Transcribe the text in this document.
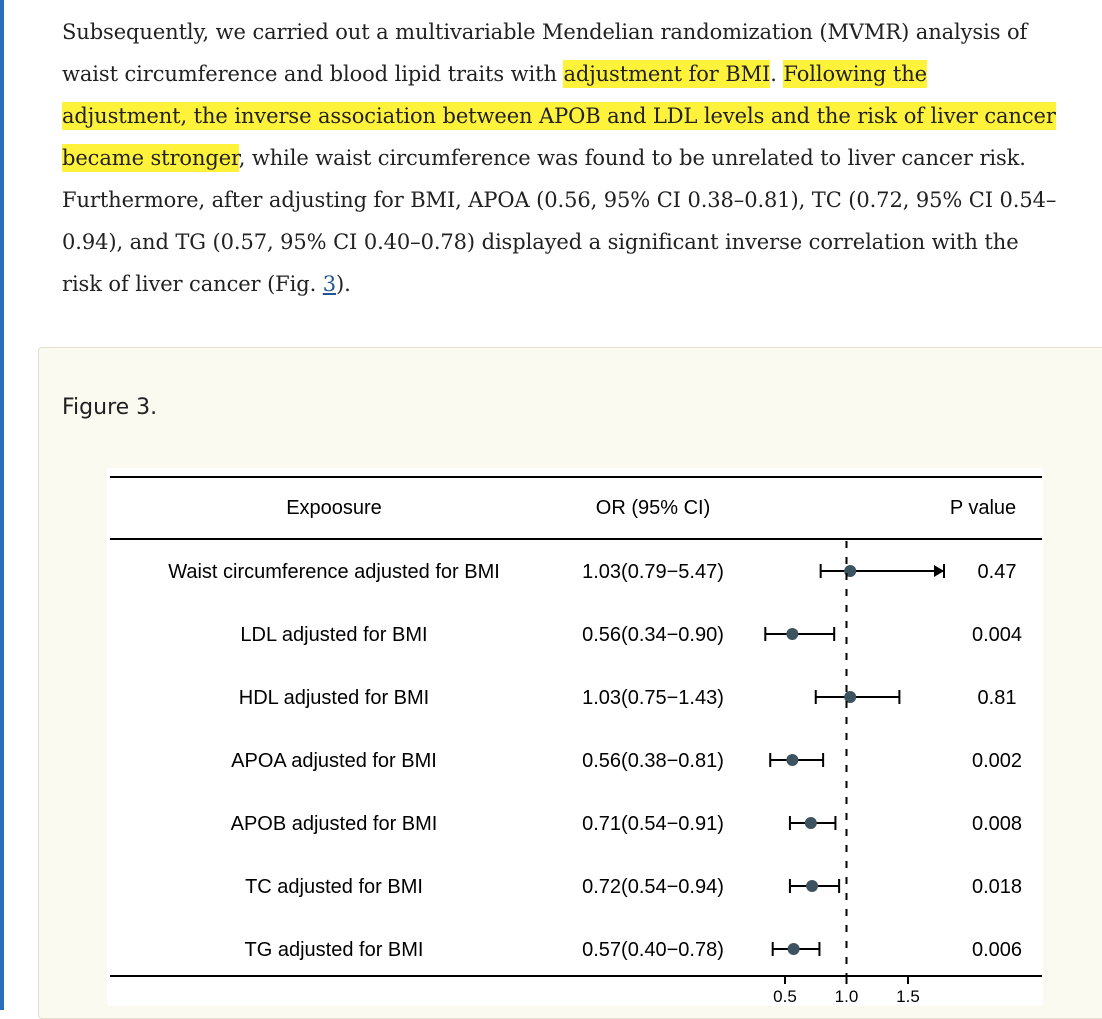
Subsequently, we carried out a multivariable Mendelian randomization (MVMR) analysis of
waist circumference and blood lipid traits with adjustment for BMI. Following the
adjustment, the inverse association between APOB and LDL levels and the risk of liver cancer
became stronger, while waist circumference was found to be unrelated to liver cancer risk.
Furthermore, after adjusting for BMI, APOA (0.56, 95% CI 0.38–0.81), TC (0.72, 95% CI 0.54–
0.94), and TG (0.57, 95% CI 0.40–0.78) displayed a significant inverse correlation with the
risk of liver cancer (Fig. 3).
Figure 3.
Expoosure	OR (95% CI)	P value
Waist circumference adjusted for BMI	1.03(0.79−5.47)	0.47
LDL adjusted for BMI	0.56(0.34−0.90)	0.004
HDL adjusted for BMI	1.03(0.75−1.43)	0.81
APOA adjusted for BMI	0.56(0.38−0.81)	0.002
APOB adjusted for BMI	0.71(0.54−0.91)	0.008
TC adjusted for BMI	0.72(0.54−0.94)	0.018
TG adjusted for BMI	0.57(0.40−0.78)	0.006
0.5 1.0 1.5
